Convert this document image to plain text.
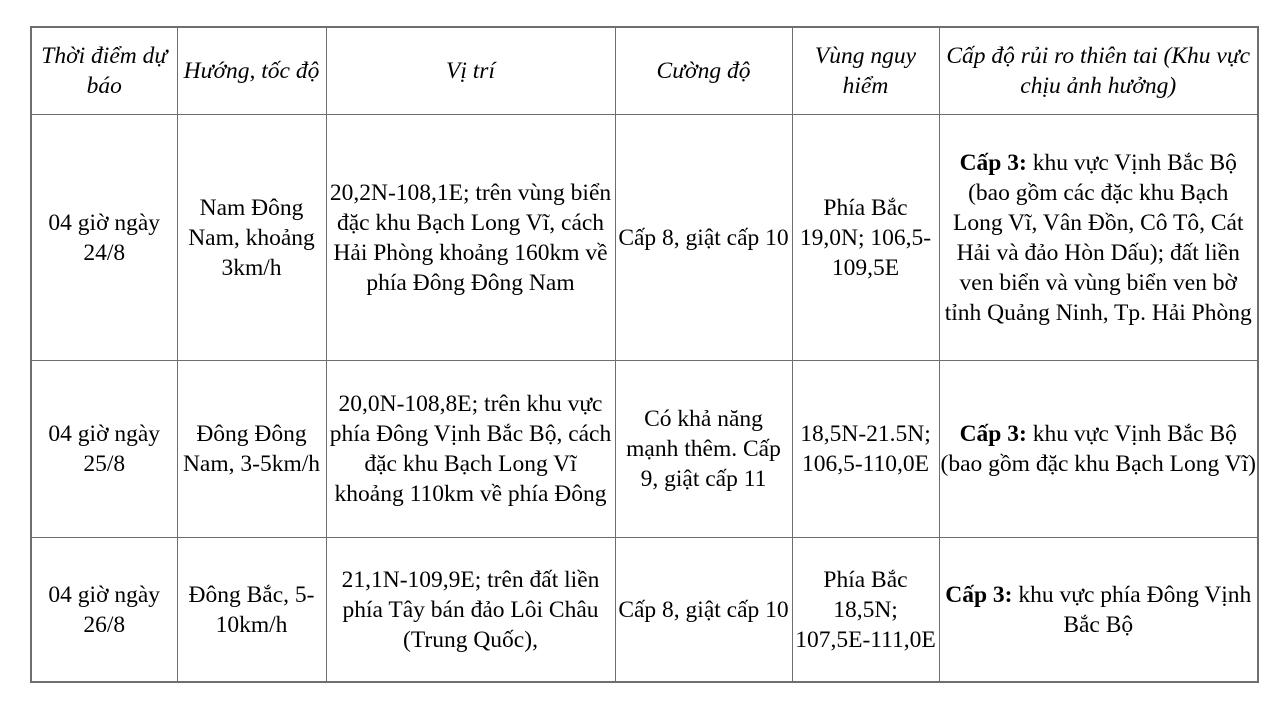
Thời điểm dự báo	Hướng, tốc độ	Vị trí	Cường độ	Vùng nguy hiểm	Cấp độ rủi ro thiên tai (Khu vực chịu ảnh hưởng)
04 giờ ngày 24/8	Nam Đông Nam, khoảng 3km/h	20,2N-108,1E; trên vùng biển đặc khu Bạch Long Vĩ, cách Hải Phòng khoảng 160km về phía Đông Đông Nam	Cấp 8, giật cấp 10	Phía Bắc 19,0N; 106,5-109,5E	Cấp 3: khu vực Vịnh Bắc Bộ (bao gồm các đặc khu Bạch Long Vĩ, Vân Đồn, Cô Tô, Cát Hải và đảo Hòn Dấu); đất liền ven biển và vùng biển ven bờ tỉnh Quảng Ninh, Tp. Hải Phòng
04 giờ ngày 25/8	Đông Đông Nam, 3-5km/h	20,0N-108,8E; trên khu vực phía Đông Vịnh Bắc Bộ, cách đặc khu Bạch Long Vĩ khoảng 110km về phía Đông	Có khả năng mạnh thêm. Cấp 9, giật cấp 11	18,5N-21.5N; 106,5-110,0E	Cấp 3: khu vực Vịnh Bắc Bộ (bao gồm đặc khu Bạch Long Vĩ)
04 giờ ngày 26/8	Đông Bắc, 5-10km/h	21,1N-109,9E; trên đất liền phía Tây bán đảo Lôi Châu (Trung Quốc),	Cấp 8, giật cấp 10	Phía Bắc 18,5N; 107,5E-111,0E	Cấp 3: khu vực phía Đông Vịnh Bắc Bộ
